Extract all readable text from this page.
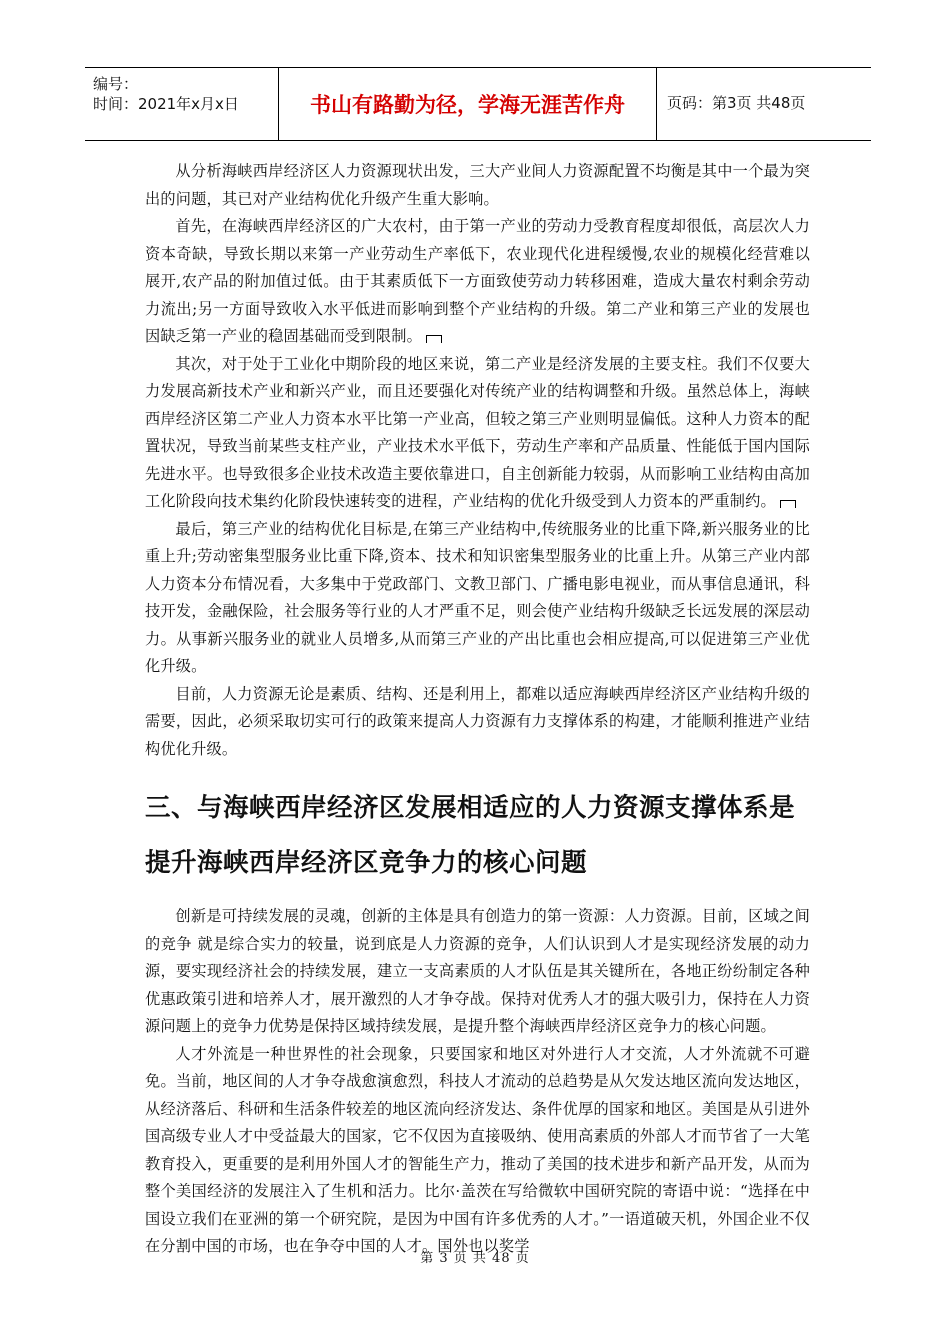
编号：
时间：2021年x月x日	书山有路勤为径，学海无涯苦作舟	页码：第3页 共48页

从分析海峡西岸经济区人力资源现状出发，三大产业间人力资源配置不均衡是其中一个最为突出的问题，其已对产业结构优化升级产生重大影响。

首先，在海峡西岸经济区的广大农村，由于第一产业的劳动力受教育程度却很低，高层次人力资本奇缺，导致长期以来第一产业劳动生产率低下，农业现代化进程缓慢,农业的规模化经营难以展开,农产品的附加值过低。由于其素质低下一方面致使劳动力转移困难，造成大量农村剩余劳动力流出;另一方面导致收入水平低进而影响到整个产业结构的升级。第二产业和第三产业的发展也因缺乏第一产业的稳固基础而受到限制。

其次，对于处于工业化中期阶段的地区来说，第二产业是经济发展的主要支柱。我们不仅要大力发展高新技术产业和新兴产业，而且还要强化对传统产业的结构调整和升级。虽然总体上，海峡西岸经济区第二产业人力资本水平比第一产业高，但较之第三产业则明显偏低。这种人力资本的配置状况，导致当前某些支柱产业，产业技术水平低下，劳动生产率和产品质量、性能低于国内国际先进水平。也导致很多企业技术改造主要依靠进口，自主创新能力较弱，从而影响工业结构由高加工化阶段向技术集约化阶段快速转变的进程，产业结构的优化升级受到人力资本的严重制约。

最后，第三产业的结构优化目标是,在第三产业结构中,传统服务业的比重下降,新兴服务业的比重上升;劳动密集型服务业比重下降,资本、技术和知识密集型服务业的比重上升。从第三产业内部人力资本分布情况看，大多集中于党政部门、文教卫部门、广播电影电视业，而从事信息通讯，科技开发，金融保险，社会服务等行业的人才严重不足，则会使产业结构升级缺乏长远发展的深层动力。从事新兴服务业的就业人员增多,从而第三产业的产出比重也会相应提高,可以促进第三产业优化升级。

目前，人力资源无论是素质、结构、还是利用上，都难以适应海峡西岸经济区产业结构升级的需要，因此，必须采取切实可行的政策来提高人力资源有力支撑体系的构建，才能顺利推进产业结构优化升级。

三、与海峡西岸经济区发展相适应的人力资源支撑体系是提升海峡西岸经济区竞争力的核心问题

创新是可持续发展的灵魂，创新的主体是具有创造力的第一资源：人力资源。目前，区域之间的竞争 就是综合实力的较量，说到底是人力资源的竞争，人们认识到人才是实现经济发展的动力源，要实现经济社会的持续发展，建立一支高素质的人才队伍是其关键所在，各地正纷纷制定各种优惠政策引进和培养人才，展开激烈的人才争夺战。保持对优秀人才的强大吸引力，保持在人力资源问题上的竞争力优势是保持区域持续发展，是提升整个海峡西岸经济区竞争力的核心问题。

人才外流是一种世界性的社会现象，只要国家和地区对外进行人才交流，人才外流就不可避免。当前，地区间的人才争夺战愈演愈烈，科技人才流动的总趋势是从欠发达地区流向发达地区，从经济落后、科研和生活条件较差的地区流向经济发达、条件优厚的国家和地区。美国是从引进外国高级专业人才中受益最大的国家，它不仅因为直接吸纳、使用高素质的外部人才而节省了一大笔教育投入，更重要的是利用外国人才的智能生产力，推动了美国的技术进步和新产品开发，从而为整个美国经济的发展注入了生机和活力。比尔·盖茨在写给微软中国研究院的寄语中说：“选择在中国设立我们在亚洲的第一个研究院，是因为中国有许多优秀的人才。”一语道破天机，外国企业不仅在分割中国的市场，也在争夺中国的人才。国外也以奖学

第 3 页 共 48 页
